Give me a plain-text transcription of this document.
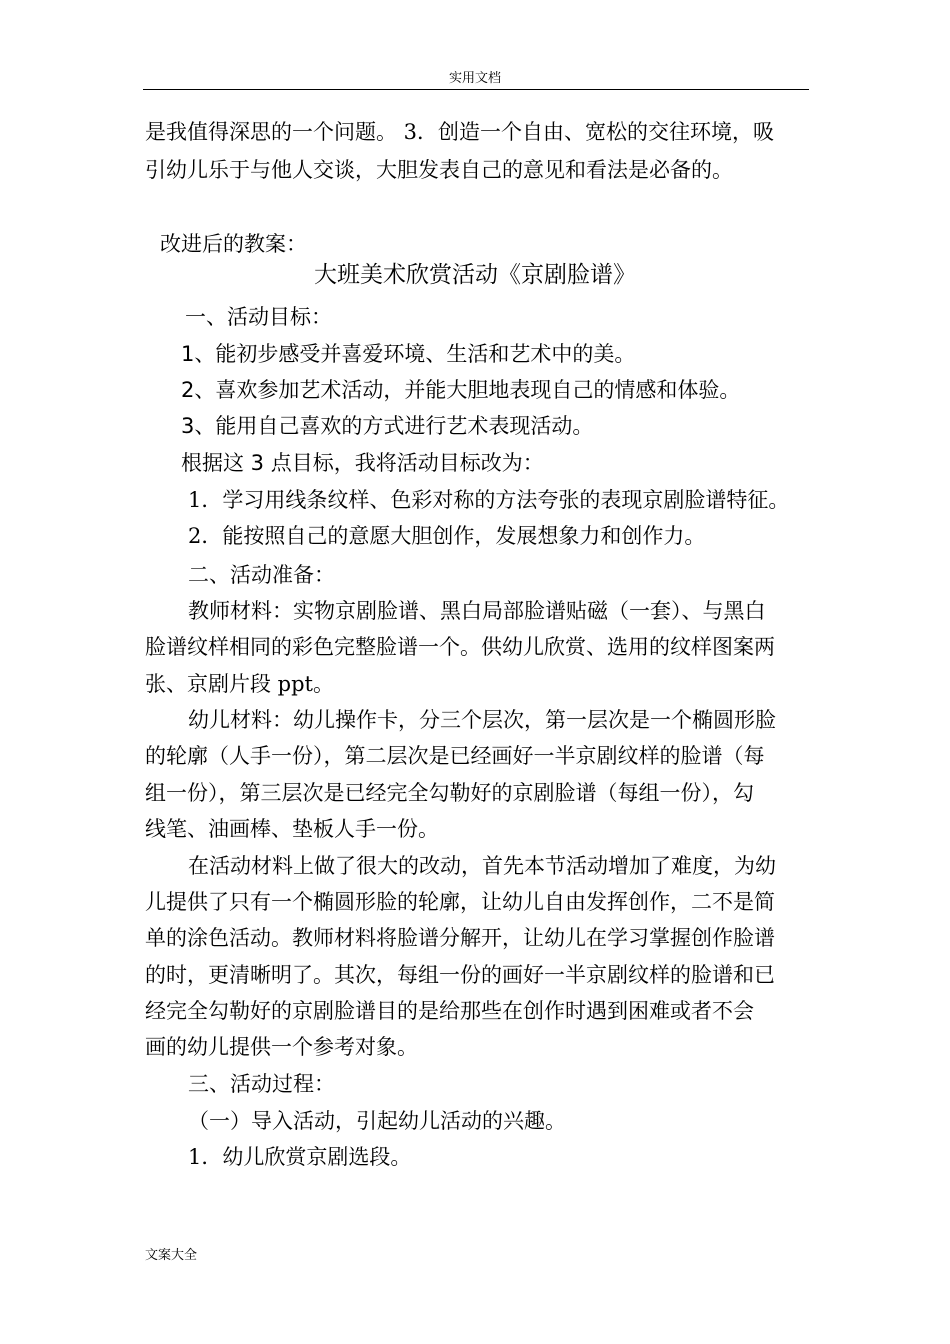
实用文档
是我值得深思的一个问题。 3．创造一个自由、宽松的交往环境，吸
引幼儿乐于与他人交谈，大胆发表自己的意见和看法是必备的。
改进后的教案：
大班美术欣赏活动《京剧脸谱》
一、活动目标：
1、能初步感受并喜爱环境、生活和艺术中的美。
2、喜欢参加艺术活动，并能大胆地表现自己的情感和体验。
3、能用自己喜欢的方式进行艺术表现活动。
根据这 3 点目标，我将活动目标改为：
1．学习用线条纹样、色彩对称的方法夸张的表现京剧脸谱特征。
2．能按照自己的意愿大胆创作，发展想象力和创作力。
二、活动准备：
教师材料：实物京剧脸谱、黑白局部脸谱贴磁（一套）、与黑白
脸谱纹样相同的彩色完整脸谱一个。供幼儿欣赏、选用的纹样图案两
张、京剧片段 ppt。
幼儿材料：幼儿操作卡，分三个层次，第一层次是一个椭圆形脸
的轮廓（人手一份），第二层次是已经画好一半京剧纹样的脸谱（每
组一份），第三层次是已经完全勾勒好的京剧脸谱（每组一份），勾
线笔、油画棒、垫板人手一份。
在活动材料上做了很大的改动，首先本节活动增加了难度，为幼
儿提供了只有一个椭圆形脸的轮廓，让幼儿自由发挥创作，二不是简
单的涂色活动。教师材料将脸谱分解开，让幼儿在学习掌握创作脸谱
的时，更清晰明了。其次，每组一份的画好一半京剧纹样的脸谱和已
经完全勾勒好的京剧脸谱目的是给那些在创作时遇到困难或者不会
画的幼儿提供一个参考对象。
三、活动过程：
（一）导入活动，引起幼儿活动的兴趣。
1．幼儿欣赏京剧选段。
文案大全
